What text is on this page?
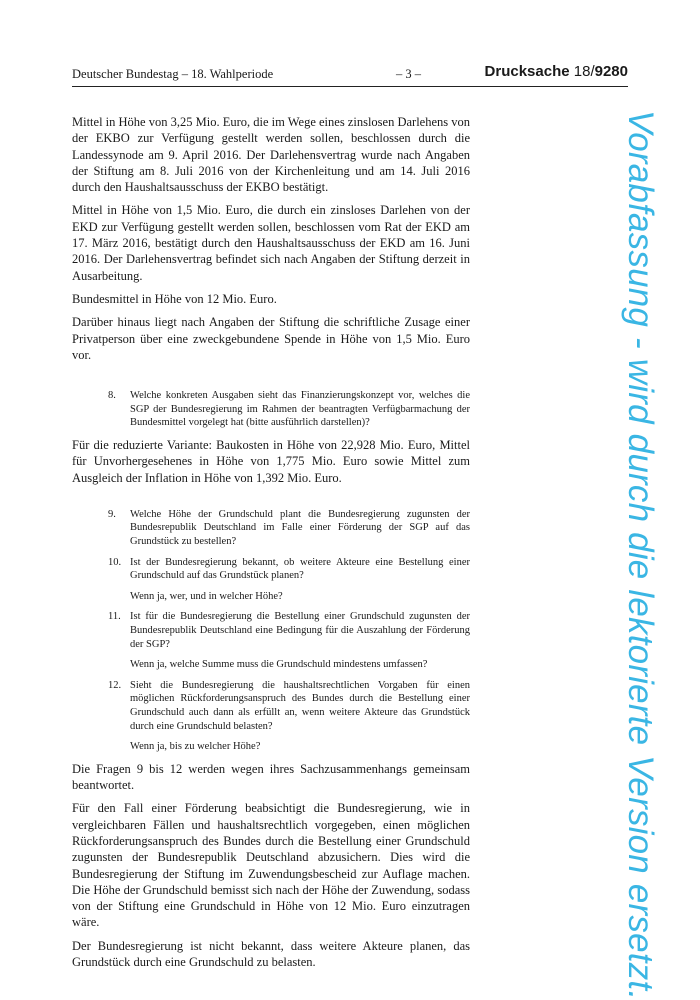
Deutscher Bundestag – 18. Wahlperiode	– 3 –	Drucksache 18/9280

Mittel in Höhe von 3,25 Mio. Euro, die im Wege eines zinslosen Darlehens von der EKBO zur Verfügung gestellt werden sollen, beschlossen durch die Landessynode am 9. April 2016. Der Darlehensvertrag wurde nach Angaben der Stiftung am 8. Juli 2016 von der Kirchenleitung und am 14. Juli 2016 durch den Haushaltsausschuss der EKBO bestätigt.

Mittel in Höhe von 1,5 Mio. Euro, die durch ein zinsloses Darlehen von der EKD zur Verfügung gestellt werden sollen, beschlossen vom Rat der EKD am 17. März 2016, bestätigt durch den Haushaltsausschuss der EKD am 16. Juni 2016. Der Darlehensvertrag befindet sich nach Angaben der Stiftung derzeit in Ausarbeitung.

Bundesmittel in Höhe von 12 Mio. Euro.

Darüber hinaus liegt nach Angaben der Stiftung die schriftliche Zusage einer Privatperson über eine zweckgebundene Spende in Höhe von 1,5 Mio. Euro vor.

8. Welche konkreten Ausgaben sieht das Finanzierungskonzept vor, welches die SGP der Bundesregierung im Rahmen der beantragten Verfügbarmachung der Bundesmittel vorgelegt hat (bitte ausführlich darstellen)?

Für die reduzierte Variante: Baukosten in Höhe von 22,928 Mio. Euro, Mittel für Unvorhergesehenes in Höhe von 1,775 Mio. Euro sowie Mittel zum Ausgleich der Inflation in Höhe von 1,392 Mio. Euro.

9. Welche Höhe der Grundschuld plant die Bundesregierung zugunsten der Bundesrepublik Deutschland im Falle einer Förderung der SGP auf das Grundstück zu bestellen?

10. Ist der Bundesregierung bekannt, ob weitere Akteure eine Bestellung einer Grundschuld auf das Grundstück planen?

Wenn ja, wer, und in welcher Höhe?

11. Ist für die Bundesregierung die Bestellung einer Grundschuld zugunsten der Bundesrepublik Deutschland eine Bedingung für die Auszahlung der Förderung der SGP?

Wenn ja, welche Summe muss die Grundschuld mindestens umfassen?

12. Sieht die Bundesregierung die haushaltsrechtlichen Vorgaben für einen möglichen Rückforderungsanspruch des Bundes durch die Bestellung einer Grundschuld auch dann als erfüllt an, wenn weitere Akteure das Grundstück durch eine Grundschuld belasten?

Wenn ja, bis zu welcher Höhe?

Die Fragen 9 bis 12 werden wegen ihres Sachzusammenhangs gemeinsam beantwortet.

Für den Fall einer Förderung beabsichtigt die Bundesregierung, wie in vergleichbaren Fällen und haushaltsrechtlich vorgegeben, einen möglichen Rückforderungsanspruch des Bundes durch die Bestellung einer Grundschuld zugunsten der Bundesrepublik Deutschland abzusichern. Dies wird die Bundesregierung der Stiftung im Zuwendungsbescheid zur Auflage machen. Die Höhe der Grundschuld bemisst sich nach der Höhe der Zuwendung, sodass von der Stiftung eine Grundschuld in Höhe von 12 Mio. Euro einzutragen wäre.

Der Bundesregierung ist nicht bekannt, dass weitere Akteure planen, das Grundstück durch eine Grundschuld zu belasten.	Vorabfassung - wird durch die lektorierte Version ersetzt.
